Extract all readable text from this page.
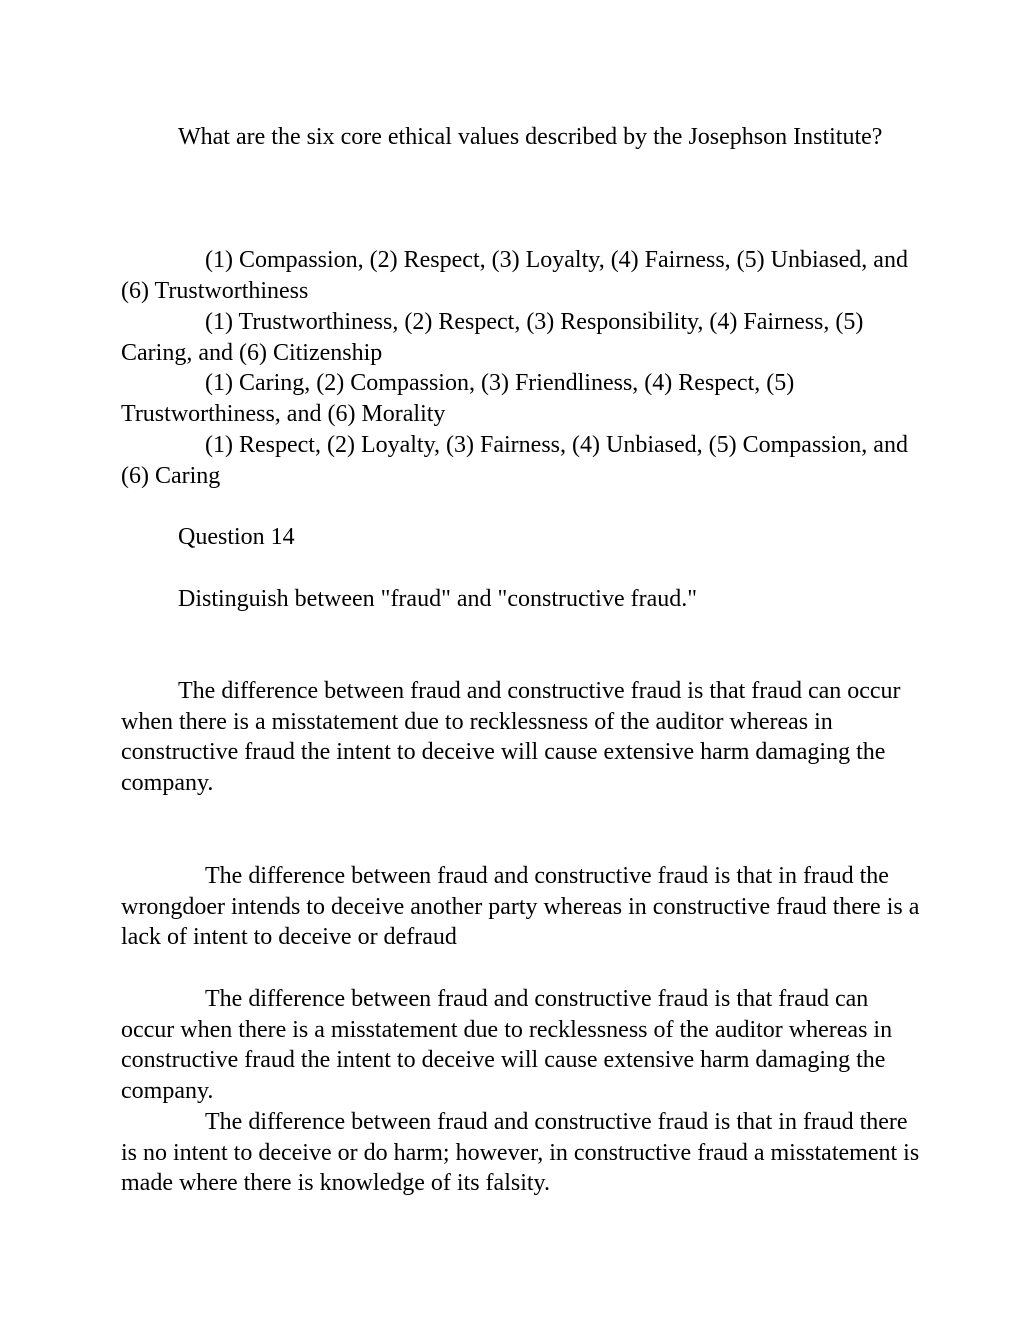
What are the six core ethical values described by the Josephson Institute?

(1) Compassion, (2) Respect, (3) Loyalty, (4) Fairness, (5) Unbiased, and (6) Trustworthiness

(1) Trustworthiness, (2) Respect, (3) Responsibility, (4) Fairness, (5) Caring, and (6) Citizenship

(1) Caring, (2) Compassion, (3) Friendliness, (4) Respect, (5) Trustworthiness, and (6) Morality

(1) Respect, (2) Loyalty, (3) Fairness, (4) Unbiased, (5) Compassion, and (6) Caring

Question 14

Distinguish between "fraud" and "constructive fraud."

The difference between fraud and constructive fraud is that fraud can occur when there is a misstatement due to recklessness of the auditor whereas in constructive fraud the intent to deceive will cause extensive harm damaging the company.

The difference between fraud and constructive fraud is that in fraud the wrongdoer intends to deceive another party whereas in constructive fraud there is a lack of intent to deceive or defraud

The difference between fraud and constructive fraud is that fraud can occur when there is a misstatement due to recklessness of the auditor whereas in constructive fraud the intent to deceive will cause extensive harm damaging the company.

The difference between fraud and constructive fraud is that in fraud there is no intent to deceive or do harm; however, in constructive fraud a misstatement is made where there is knowledge of its falsity.
